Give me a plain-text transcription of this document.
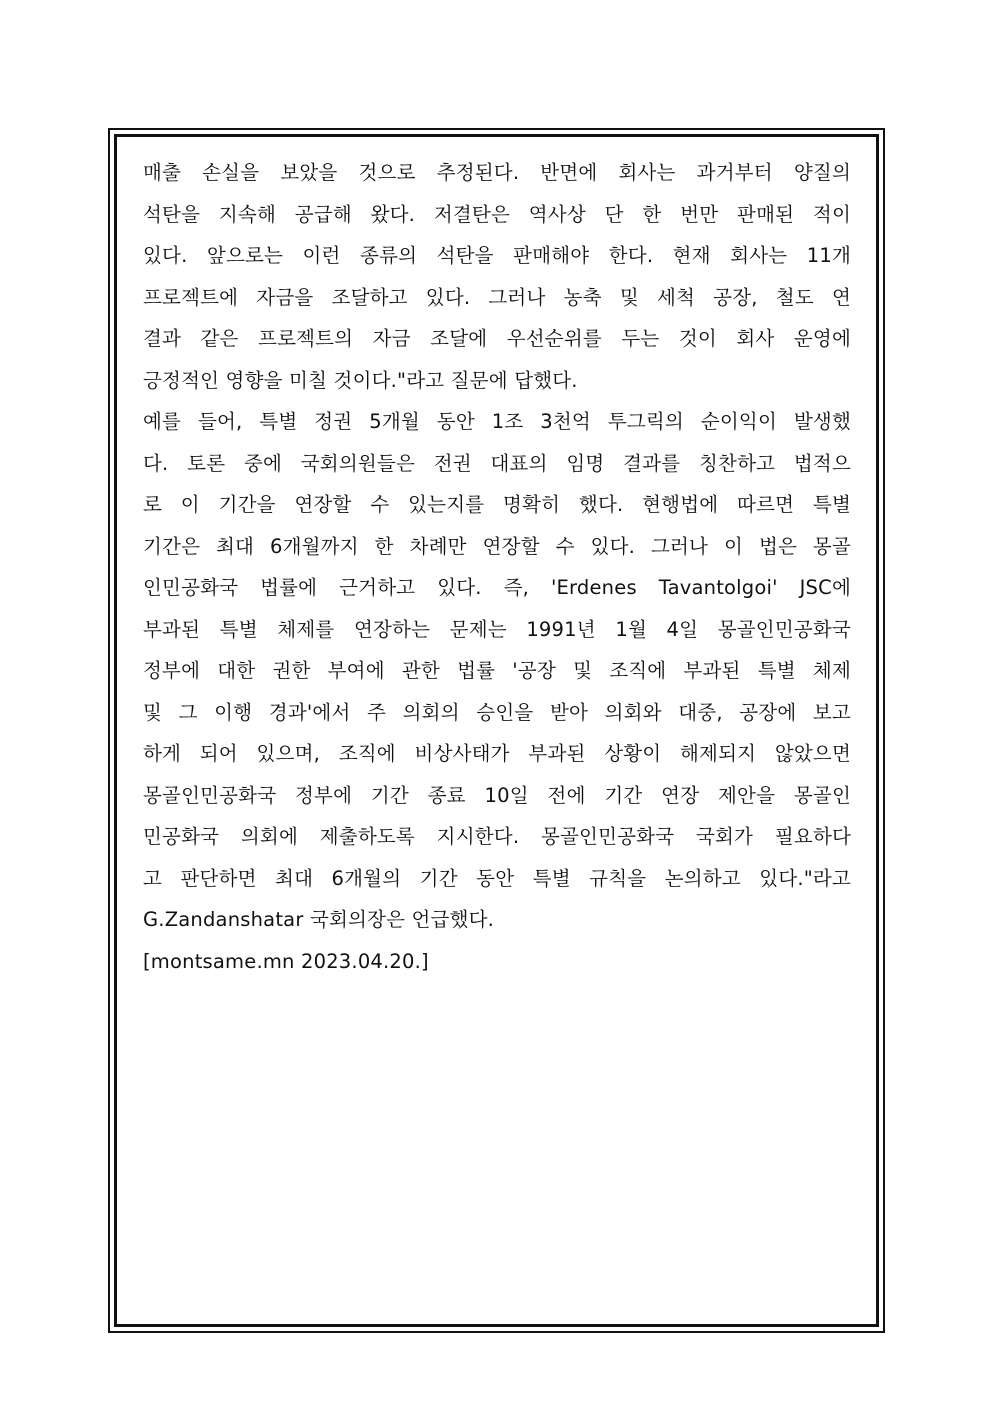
매출 손실을 보았을 것으로 추정된다. 반면에 회사는 과거부터 양질의
석탄을 지속해 공급해 왔다. 저결탄은 역사상 단 한 번만 판매된 적이
있다. 앞으로는 이런 종류의 석탄을 판매해야 한다. 현재 회사는 11개
프로젝트에 자금을 조달하고 있다. 그러나 농축 및 세척 공장, 철도 연
결과 같은 프로젝트의 자금 조달에 우선순위를 두는 것이 회사 운영에
긍정적인 영향을 미칠 것이다."라고 질문에 답했다.
예를 들어, 특별 정권 5개월 동안 1조 3천억 투그릭의 순이익이 발생했
다. 토론 중에 국회의원들은 전권 대표의 임명 결과를 칭찬하고 법적으
로 이 기간을 연장할 수 있는지를 명확히 했다. 현행법에 따르면 특별
기간은 최대 6개월까지 한 차례만 연장할 수 있다. 그러나 이 법은 몽골
인민공화국 법률에 근거하고 있다. 즉, 'Erdenes Tavantolgoi' JSC에
부과된 특별 체제를 연장하는 문제는 1991년 1월 4일 몽골인민공화국
정부에 대한 권한 부여에 관한 법률 '공장 및 조직에 부과된 특별 체제
및 그 이행 경과'에서 주 의회의 승인을 받아 의회와 대중, 공장에 보고
하게 되어 있으며, 조직에 비상사태가 부과된 상황이 해제되지 않았으면
몽골인민공화국 정부에 기간 종료 10일 전에 기간 연장 제안을 몽골인
민공화국 의회에 제출하도록 지시한다. 몽골인민공화국 국회가 필요하다
고 판단하면 최대 6개월의 기간 동안 특별 규칙을 논의하고 있다."라고
G.Zandanshatar 국회의장은 언급했다.
[montsame.mn 2023.04.20.]
